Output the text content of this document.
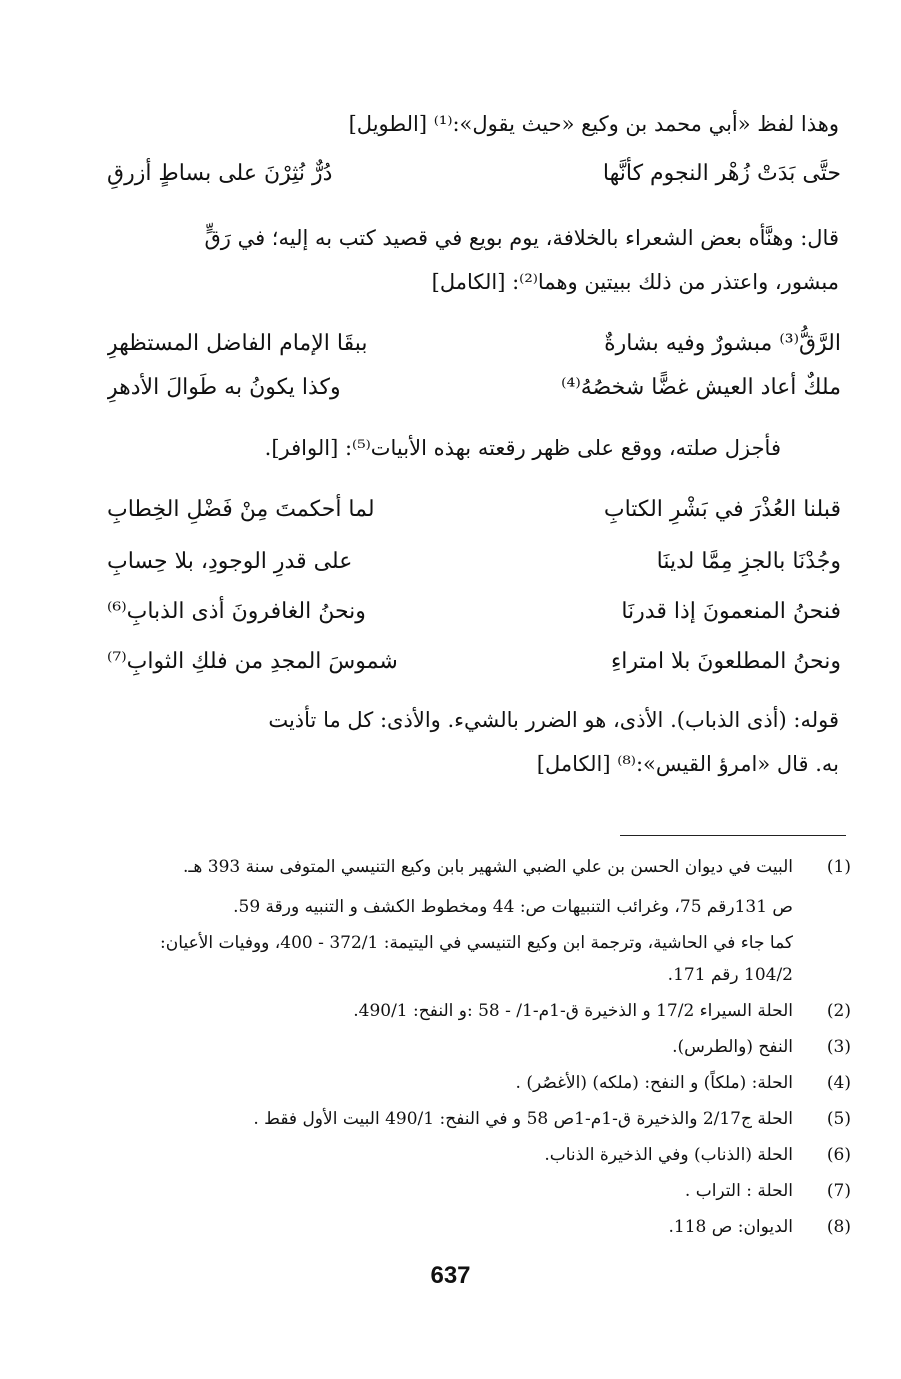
وهذا لفظ «أبي محمد بن وكيع «حيث يقول»:⁽¹⁾ [الطويل]
حتَّى بَدَتْ زُهْر النجوم كأنَّها
دُرٌّ نُثِرْنَ على بساطٍ أزرقِ
قال: وهنَّأه بعض الشعراء بالخلافة، يوم بويع في قصيد كتب به إليه؛ في رَقٍّ
مبشور، واعتذر من ذلك ببيتين وهما⁽²⁾: [الكامل]
الرَّقُّ⁽³⁾ مبشورٌ وفيه بشارةٌ
ببقَا الإمام الفاضل المستظهرِ
ملكٌ أعاد العيش غضًّا شخصُهُ⁽⁴⁾
وكذا يكونُ به طَوالَ الأدهرِ
فأجزل صلته، ووقع على ظهر رقعته بهذه الأبيات⁽⁵⁾: [الوافر].
قبلنا العُذْرَ في بَشْرِ الكتابِ
لما أحكمتَ مِنْ فَضْلِ الخِطابِ
وجُدْنَا بالجزِ مِمَّا لدينَا
على قدرِ الوجودِ، بلا حِسابِ
فنحنُ المنعمونَ إذا قدرنَا
ونحنُ الغافرونَ أذى الذبابِ⁽⁶⁾
ونحنُ المطلعونَ بلا امتراءِ
شموسَ المجدِ من فلكِ الثوابِ⁽⁷⁾
قوله: (أذى الذباب). الأذى، هو الضرر بالشيء. والأذى: كل ما تأذيت
به. قال «امرؤ القيس»:⁽⁸⁾ [الكامل]
(1)
البيت في ديوان الحسن بن علي الضبي الشهير بابن وكيع التنيسي المتوفى سنة 393 هـ.
ص 131رقم 75، وغرائب التنبيهات ص: 44 ومخطوط الكشف و التنبيه ورقة 59.
كما جاء في الحاشية، وترجمة ابن وكيع التنيسي في اليتيمة: 372/1 - 400، ووفيات الأعيان:
104/2 رقم 171.
(2)
الحلة السيراء 17/2 و الذخيرة ق-1م-1/ - 58 :و النفح: 490/1.
(3)
النفح (والطرس).
(4)
الحلة: (ملكاً) و النفح: (ملكه) (الأغصُر) .
(5)
الحلة ج2/17 والذخيرة ق-1م-1ص 58 و في النفح: 490/1 البيت الأول فقط .
(6)
الحلة (الذناب) وفي الذخيرة الذناب.
(7)
الحلة : التراب .
(8)
الديوان: ص 118.
637
